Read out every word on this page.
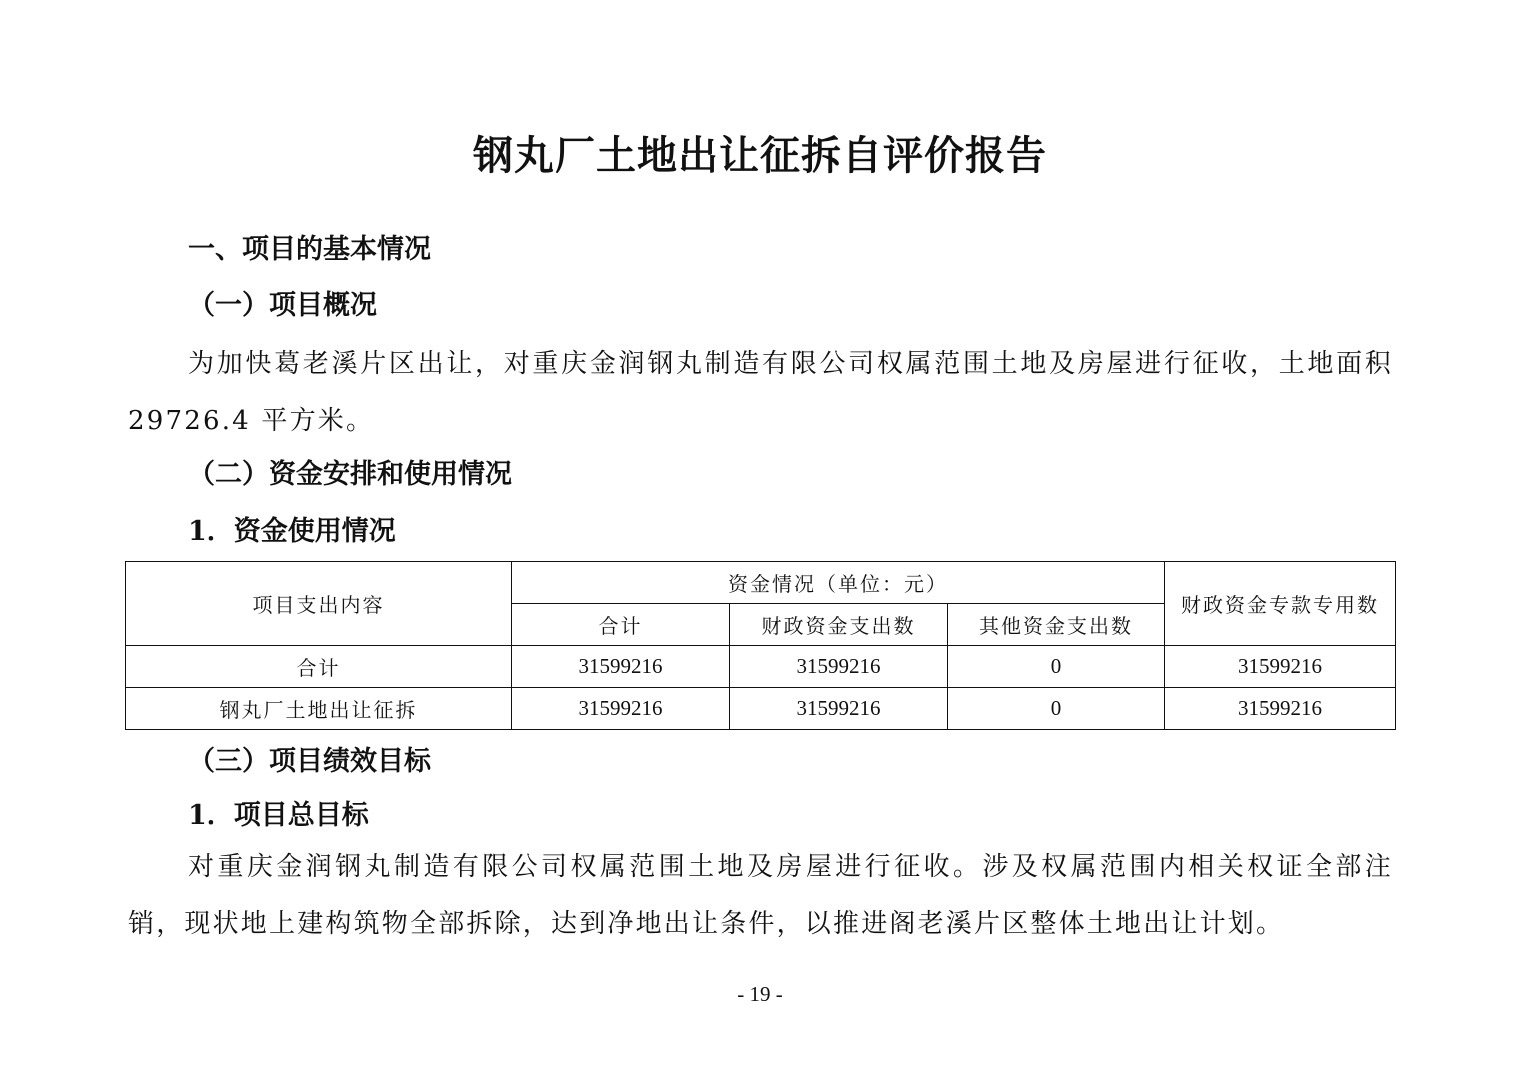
钢丸厂土地出让征拆自评价报告
一、项目的基本情况
（一）项目概况

为加快葛老溪片区出让，对重庆金润钢丸制造有限公司权属范围土地及房屋进行征收，土地面积 29726.4 平方米。

（二）资金安排和使用情况
1．资金使用情况
项目支出内容	资金情况（单位：元）			财政资金专款专用数
	合计	财政资金支出数	其他资金支出数	
合计	31599216	31599216	0	31599216
钢丸厂土地出让征拆	31599216	31599216	0	31599216
（三）项目绩效目标
1．项目总目标

对重庆金润钢丸制造有限公司权属范围土地及房屋进行征收。涉及权属范围内相关权证全部注销，现状地上建构筑物全部拆除，达到净地出让条件，以推进阁老溪片区整体土地出让计划。

- 19 -
